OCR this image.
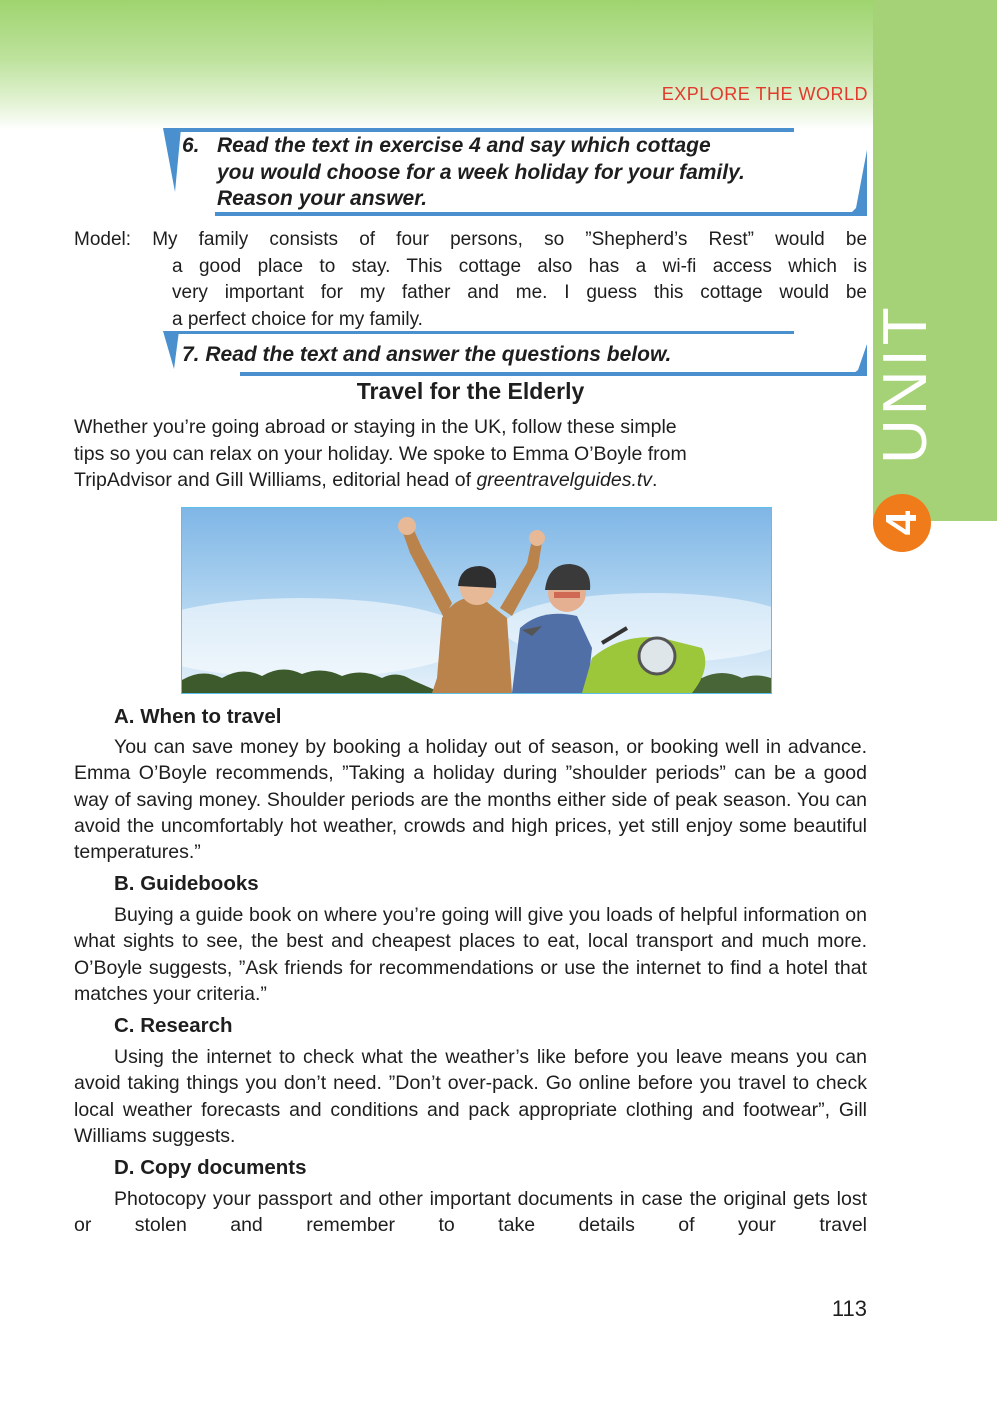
UNIT
4
EXPLORE THE WORLD
6. Read the text in exercise 4 and say which cottage
you would choose for a week holiday for your family.
Reason your answer.
Model: My family consists of four persons, so ”Shepherd’s Rest” would be
a good place to stay. This cottage also has a wi-fi access which is
very important for my father and me. I guess this cottage would be
a perfect choice for my family.
7. Read the text and answer the questions below.
Travel for the Elderly
Whether you’re going abroad or staying in the UK, follow these simple
tips so you can relax on your holiday. We spoke to Emma O’Boyle from
TripAdvisor and Gill Williams, editorial head of greentravelguides.tv.
A. When to travel
You can save money by booking a holiday out of season, or booking well in advance. Emma O’Boyle recommends, ”Taking a holiday during ”shoulder periods” can be a good way of saving money. Shoulder periods are the months either side of peak season. You can avoid the uncomfortably hot weather, crowds and high prices, yet still enjoy some beautiful temperatures.”
B. Guidebooks
Buying a guide book on where you’re going will give you loads of helpful information on what sights to see, the best and cheapest places to eat, local transport and much more. O’Boyle suggests, ”Ask friends for recommendations or use the internet to find a hotel that matches your criteria.”
C. Research
Using the internet to check what the weather’s like before you leave means you can avoid taking things you don’t need. ”Don’t over-pack. Go online before you travel to check local weather forecasts and conditions and pack appropriate clothing and footwear”, Gill Williams suggests.
D. Copy documents
Photocopy your passport and other important documents in case the original gets lost or stolen and remember to take details of your travel
113
